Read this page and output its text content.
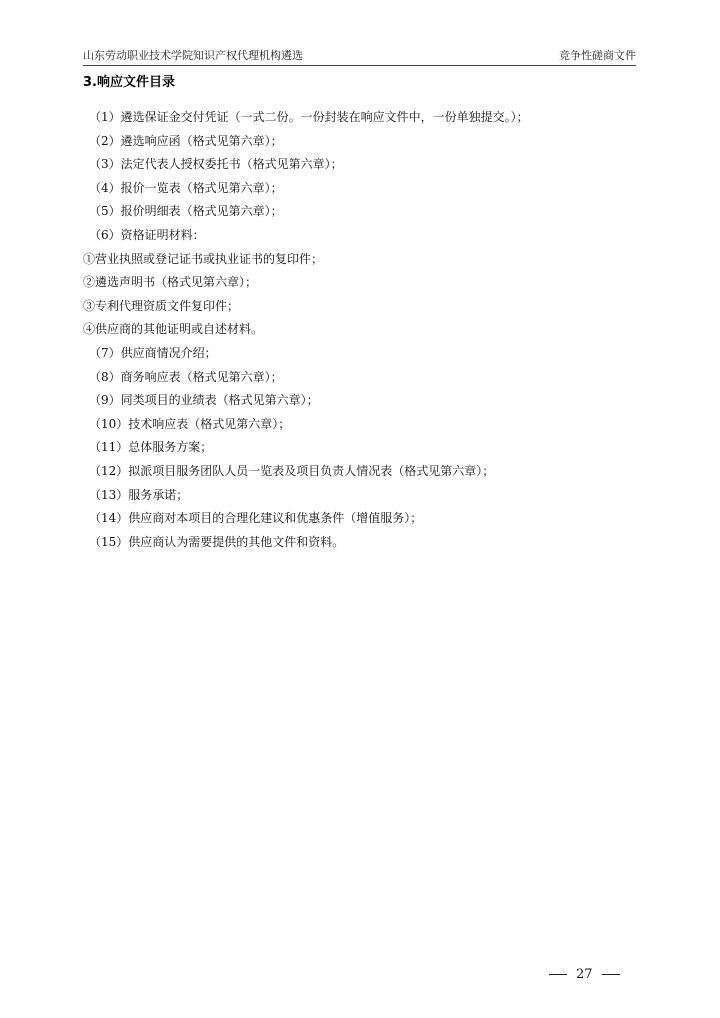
山东劳动职业技术学院知识产权代理机构遴选	竞争性磋商文件
3.响应文件目录
（1）遴选保证金交付凭证（一式二份。一份封装在响应文件中，一份单独提交。）；
（2）遴选响应函（格式见第六章）；
（3）法定代表人授权委托书（格式见第六章）；
（4）报价一览表（格式见第六章）；
（5）报价明细表（格式见第六章）；
（6）资格证明材料：
①营业执照或登记证书或执业证书的复印件；
②遴选声明书（格式见第六章）；
③专利代理资质文件复印件；
④供应商的其他证明或自述材料。
（7）供应商情况介绍；
（8）商务响应表（格式见第六章）；
（9）同类项目的业绩表（格式见第六章）；
（10）技术响应表（格式见第六章）；
（11）总体服务方案；
（12）拟派项目服务团队人员一览表及项目负责人情况表（格式见第六章）；
（13）服务承诺；
（14）供应商对本项目的合理化建议和优惠条件（增值服务）；
（15）供应商认为需要提供的其他文件和资料。
27
